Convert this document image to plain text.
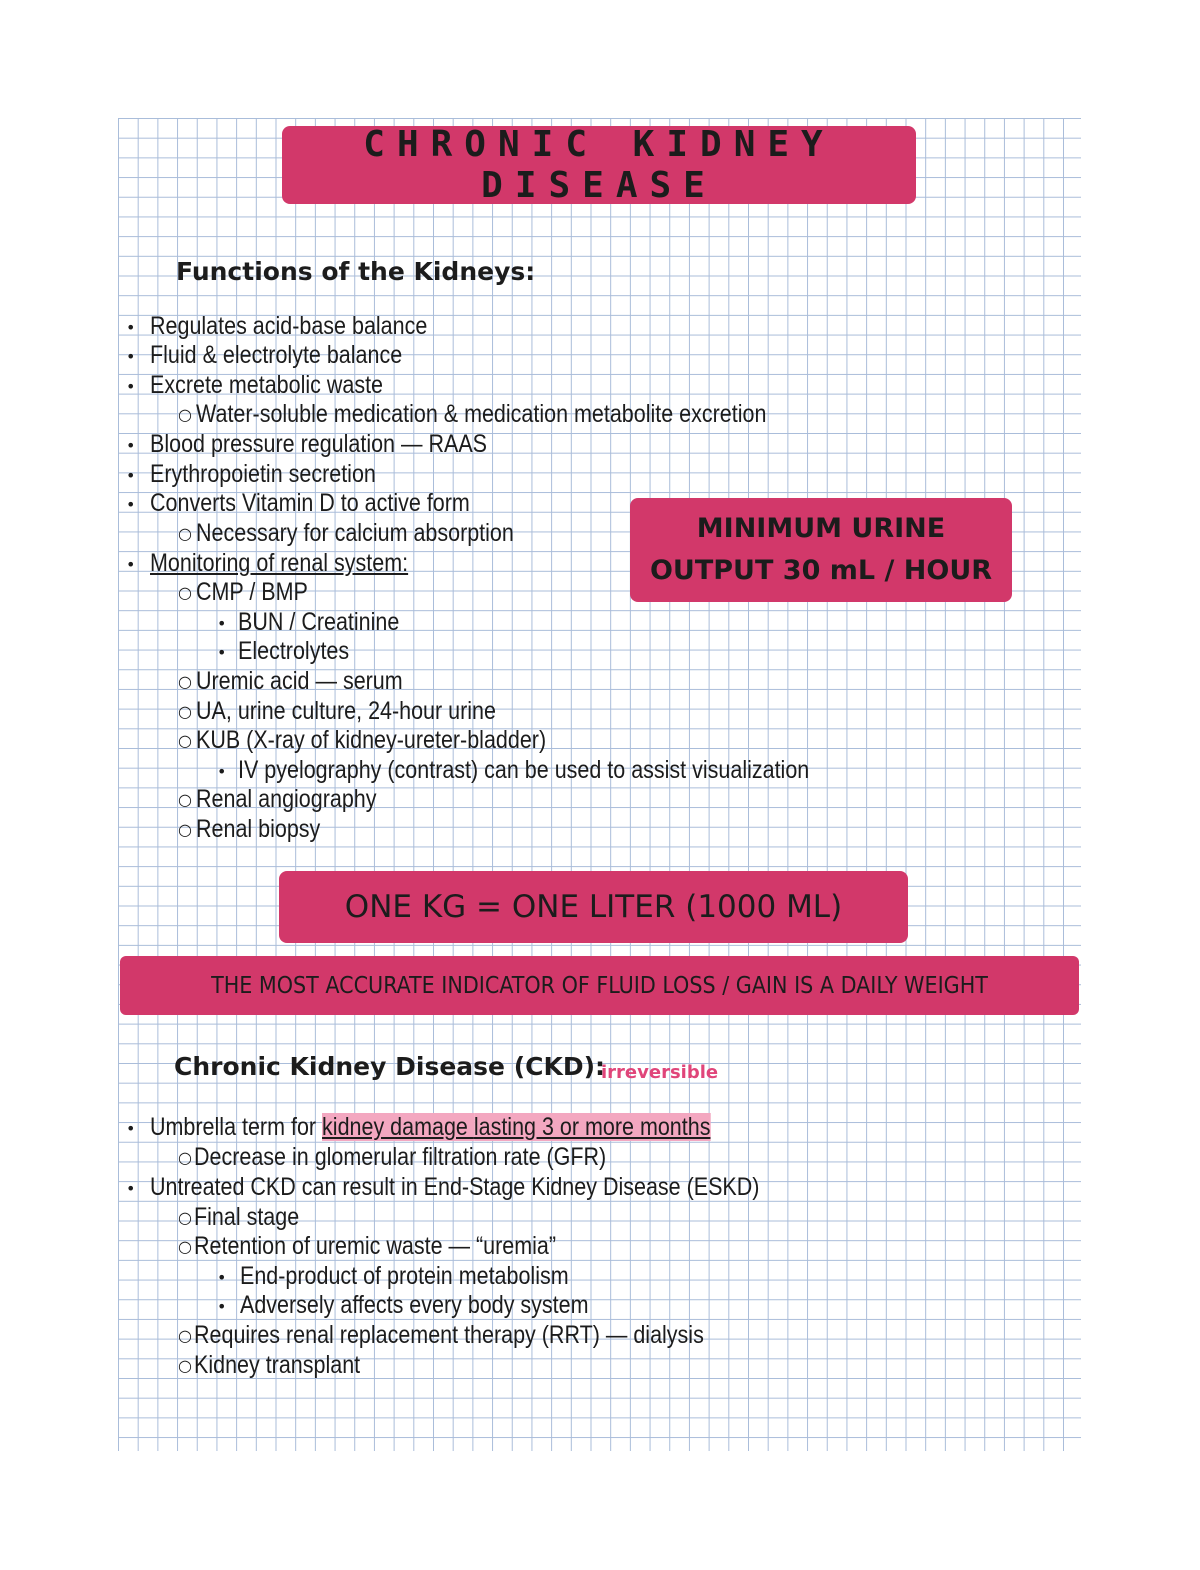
CHRONIC KIDNEY DISEASE
Functions of the Kidneys:
• Regulates acid-base balance
• Fluid & electrolyte balance
• Excrete metabolic waste
○ Water-soluble medication & medication metabolite excretion
• Blood pressure regulation — RAAS
• Erythropoietin secretion
• Converts Vitamin D to active form
○ Necessary for calcium absorption
• Monitoring of renal system:
○ CMP / BMP
• BUN / Creatinine
• Electrolytes
○ Uremic acid — serum
○ UA, urine culture, 24-hour urine
○ KUB (X-ray of kidney-ureter-bladder)
• IV pyelography (contrast) can be used to assist visualization
○ Renal angiography
○ Renal biopsy
MINIMUM URINE
OUTPUT 30 mL / HOUR
ONE KG = ONE LITER (1000 ML)
THE MOST ACCURATE INDICATOR OF FLUID LOSS / GAIN IS A DAILY WEIGHT
Chronic Kidney Disease (CKD):
irreversible
• Umbrella term for kidney damage lasting 3 or more months
○ Decrease in glomerular filtration rate (GFR)
• Untreated CKD can result in End-Stage Kidney Disease (ESKD)
○ Final stage
○ Retention of uremic waste — “uremia”
• End-product of protein metabolism
• Adversely affects every body system
○ Requires renal replacement therapy (RRT) — dialysis
○ Kidney transplant
